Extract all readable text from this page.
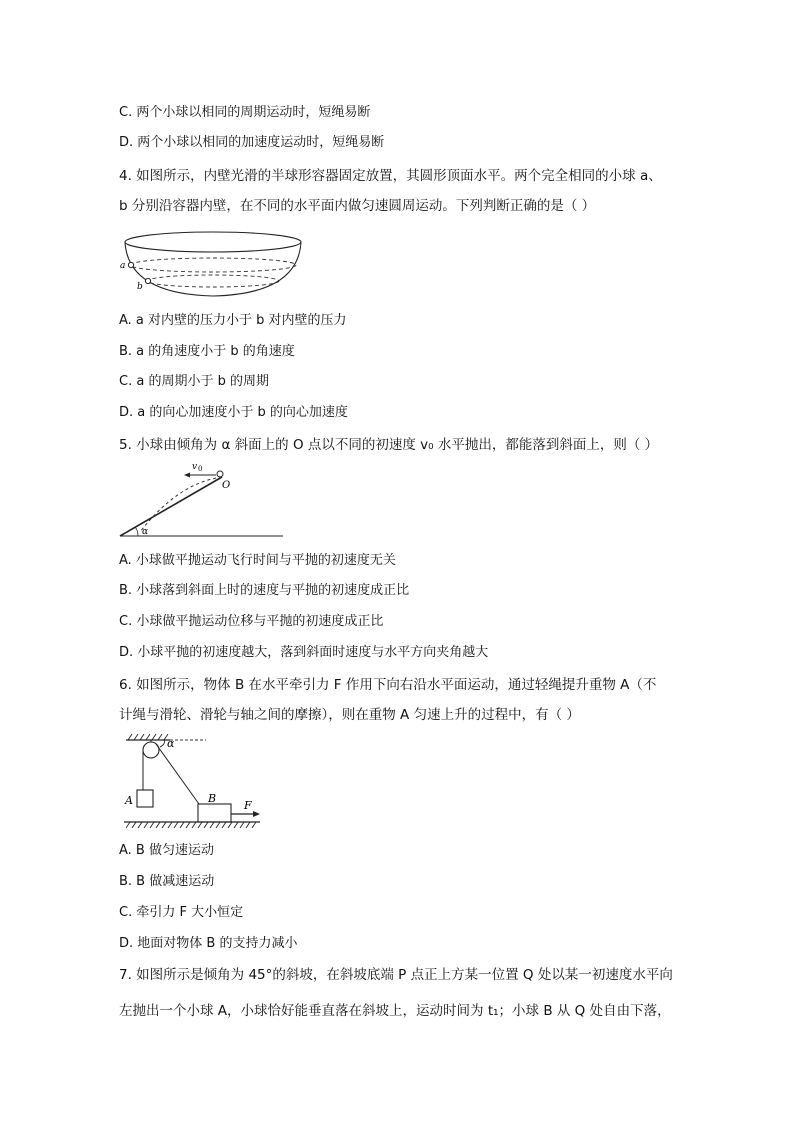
C. 两个小球以相同的周期运动时，短绳易断
D. 两个小球以相同的加速度运动时，短绳易断
4. 如图所示，内壁光滑的半球形容器固定放置，其圆形顶面水平。两个完全相同的小球 a、
b 分别沿容器内壁，在不同的水平面内做匀速圆周运动。下列判断正确的是（ ）
a
b
A. a 对内壁的压力小于 b 对内壁的压力
B. a 的角速度小于 b 的角速度
C. a 的周期小于 b 的周期
D. a 的向心加速度小于 b 的向心加速度
5. 小球由倾角为 α 斜面上的 O 点以不同的初速度 v₀ 水平抛出，都能落到斜面上，则（ ）
v 0
O
α
A. 小球做平抛运动飞行时间与平抛的初速度无关
B. 小球落到斜面上时的速度与平抛的初速度成正比
C. 小球做平抛运动位移与平抛的初速度成正比
D. 小球平抛的初速度越大，落到斜面时速度与水平方向夹角越大
6. 如图所示，物体 B 在水平牵引力 F 作用下向右沿水平面运动，通过轻绳提升重物 A（不
计绳与滑轮、滑轮与轴之间的摩擦），则在重物 A 匀速上升的过程中，有（ ）
α
A	B
F
A. B 做匀速运动
B. B 做减速运动
C. 牵引力 F 大小恒定
D. 地面对物体 B 的支持力减小
7. 如图所示是倾角为 45°的斜坡，在斜坡底端 P 点正上方某一位置 Q 处以某一初速度水平向
左抛出一个小球 A，小球恰好能垂直落在斜坡上，运动时间为 t₁；小球 B 从 Q 处自由下落，
